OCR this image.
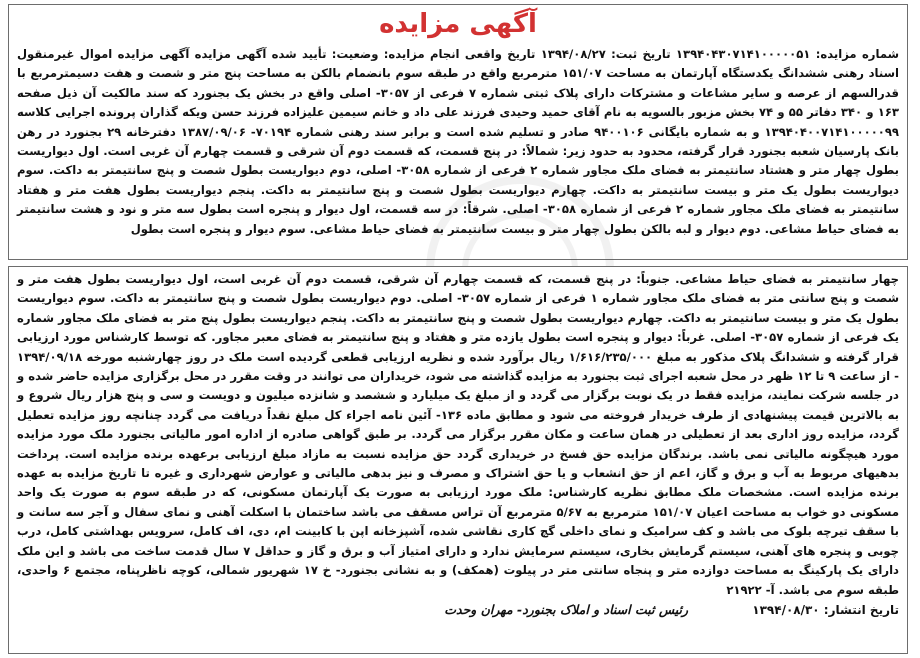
آگهی مزایده

شماره مزایده: ۱۳۹۴۰۴۳۰۷۱۴۱۰۰۰۰۰۵۱ تاریخ ثبت: ۱۳۹۴/۰۸/۲۷ تاریخ واقعی انجام مزایده: وضعیت: تأیید شده آگهی مزایده آگهی مزایده اموال غیرمنقول اسناد رهنی ششدانگ یکدستگاه آپارتمان به مساحت ۱۵۱/۰۷ مترمربع واقع در طبقه سوم بانضمام بالکن به مساحت پنج متر و شصت و هفت دسیمترمربع با قدرالسهم از عرصه و سایر مشاعات و مشترکات دارای پلاک ثبتی شماره ۷ فرعی از ۳۰۵۷- اصلی واقع در بخش یک بجنورد که سند مالکیت آن ذیل صفحه ۱۶۳ و ۳۴۰ دفاتر ۵۵ و ۷۴ بخش مزبور بالسویه به نام آقای حمید وحیدی فرزند علی داد و خانم سیمین علیزاده فرزند حسن ویکه گذاران پرونده اجرایی کلاسه ۱۳۹۴۰۴۰۰۷۱۴۱۰۰۰۰۰۹۹ و به شماره بایگانی ۹۴۰۰۱۰۶ صادر و تسلیم شده است و برابر سند رهنی شماره ۷۰۱۹۴- ۱۳۸۷/۰۹/۰۶ دفترخانه ۲۹ بجنورد در رهن بانک پارسیان شعبه بجنورد قرار گرفته، محدود به حدود زیر: شمالاً: در پنج قسمت، که قسمت دوم آن شرقی و قسمت چهارم آن غربی است. اول دیواریست بطول چهار متر و هشتاد سانتیمتر به فضای ملک مجاور شماره ۲ فرعی از شماره ۳۰۵۸- اصلی، دوم دیواریست بطول شصت و پنج سانتیمتر به داکت. سوم دیواریست بطول یک متر و بیست سانتیمتر به داکت. چهارم دیواریست بطول شصت و پنج سانتیمتر به داکت. پنجم دیواریست بطول هفت متر و هفتاد سانتیمتر به فضای ملک مجاور شماره ۲ فرعی از شماره ۳۰۵۸- اصلی. شرقاً: در سه قسمت، اول دیوار و پنجره است بطول سه متر و نود و هشت سانتیمتر به فضای حیاط مشاعی. دوم دیوار و لبه بالکن بطول چهار متر و بیست سانتیمتر به فضای حیاط مشاعی. سوم دیوار و پنجره است بطول

چهار سانتیمتر به فضای حیاط مشاعی. جنوباً: در پنج قسمت، که قسمت چهارم آن شرقی، قسمت دوم آن غربی است، اول دیواریست بطول هفت متر و شصت و پنج سانتی متر به فضای ملک مجاور شماره ۱ فرعی از شماره ۳۰۵۷- اصلی. دوم دیواریست بطول شصت و پنج سانتیمتر به داکت. سوم دیواریست بطول یک متر و بیست سانتیمتر به داکت. چهارم دیواریست بطول شصت و پنج سانتیمتر به داکت. پنجم دیواریست بطول پنج متر به فضای ملک مجاور شماره یک فرعی از شماره ۳۰۵۷- اصلی. غرباً: دیوار و پنجره است بطول یازده متر و هفتاد و پنج سانتیمتر به فضای معبر مجاور. که توسط کارشناس مورد ارزیابی قرار گرفته و ششدانگ پلاک مذکور به مبلغ ۱/۶۱۶/۲۳۵/۰۰۰ ریال برآورد شده و نظریه ارزیابی قطعی گردیده است ملک در روز چهارشنبه مورخه ۱۳۹۴/۰۹/۱۸ - از ساعت ۹ تا ۱۲ ظهر در محل شعبه اجرای ثبت بجنورد به مزایده گذاشته می شود، خریداران می توانند در وقت مقرر در محل برگزاری مزایده حاضر شده و در جلسه شرکت نمایند، مزایده فقط در یک نوبت برگزار می گردد و از مبلغ یک میلیارد و ششصد و شانزده میلیون و دویست و سی و پنج هزار ریال شروع و به بالاترین قیمت پیشنهادی از طرف خریدار فروخته می شود و مطابق ماده ۱۳۶- آئین نامه اجراء کل مبلغ نقداً دریافت می گردد چنانچه روز مزایده تعطیل گردد، مزایده روز اداری بعد از تعطیلی در همان ساعت و مکان مقرر برگزار می گردد. بر طبق گواهی صادره از اداره امور مالیاتی بجنورد ملک مورد مزایده مورد هیچگونه مالیاتی نمی باشد. برندگان مزایده حق فسخ در خریداری گردد حق مزایده نسبت به مازاد مبلغ ارزیابی برعهده برنده مزایده است. پرداخت بدهیهای مربوط به آب و برق و گاز، اعم از حق انشعاب و یا حق اشتراک و مصرف و نیز بدهی مالیاتی و عوارض شهرداری و غیره تا تاریخ مزایده به عهده برنده مزایده است. مشخصات ملک مطابق نظریه کارشناس: ملک مورد ارزیابی به صورت یک آپارتمان مسکونی، که در طبقه سوم به صورت یک واحد مسکونی دو خواب به مساحت اعیان ۱۵۱/۰۷ مترمربع به ۵/۶۷ مترمربع آن تراس مسقف می باشد ساختمان با اسکلت آهنی و نمای سفال و آجر سه سانت و با سقف تیرچه بلوک می باشد و کف سرامیک و نمای داخلی گچ کاری نقاشی شده، آشپزخانه اپن با کابینت ام، دی، اف کامل، سرویس بهداشتی کامل، درب چوبی و پنجره های آهنی، سیستم گرمایش بخاری، سیستم سرمایش ندارد و دارای امتیاز آب و برق و گاز و حداقل ۷ سال قدمت ساخت می باشد و این ملک دارای یک پارکینگ به مساحت دوازده متر و پنجاه سانتی متر در پیلوت (همکف) و به نشانی بجنورد- خ ۱۷ شهریور شمالی، کوچه ناظرپناه، مجتمع ۶ واحدی، طبقه سوم می باشد. آ- ۲۱۹۲۲

تاریخ انتشار: ۱۳۹۴/۰۸/۳۰ رئیس ثبت اسناد و املاک بجنورد- مهران وحدت
